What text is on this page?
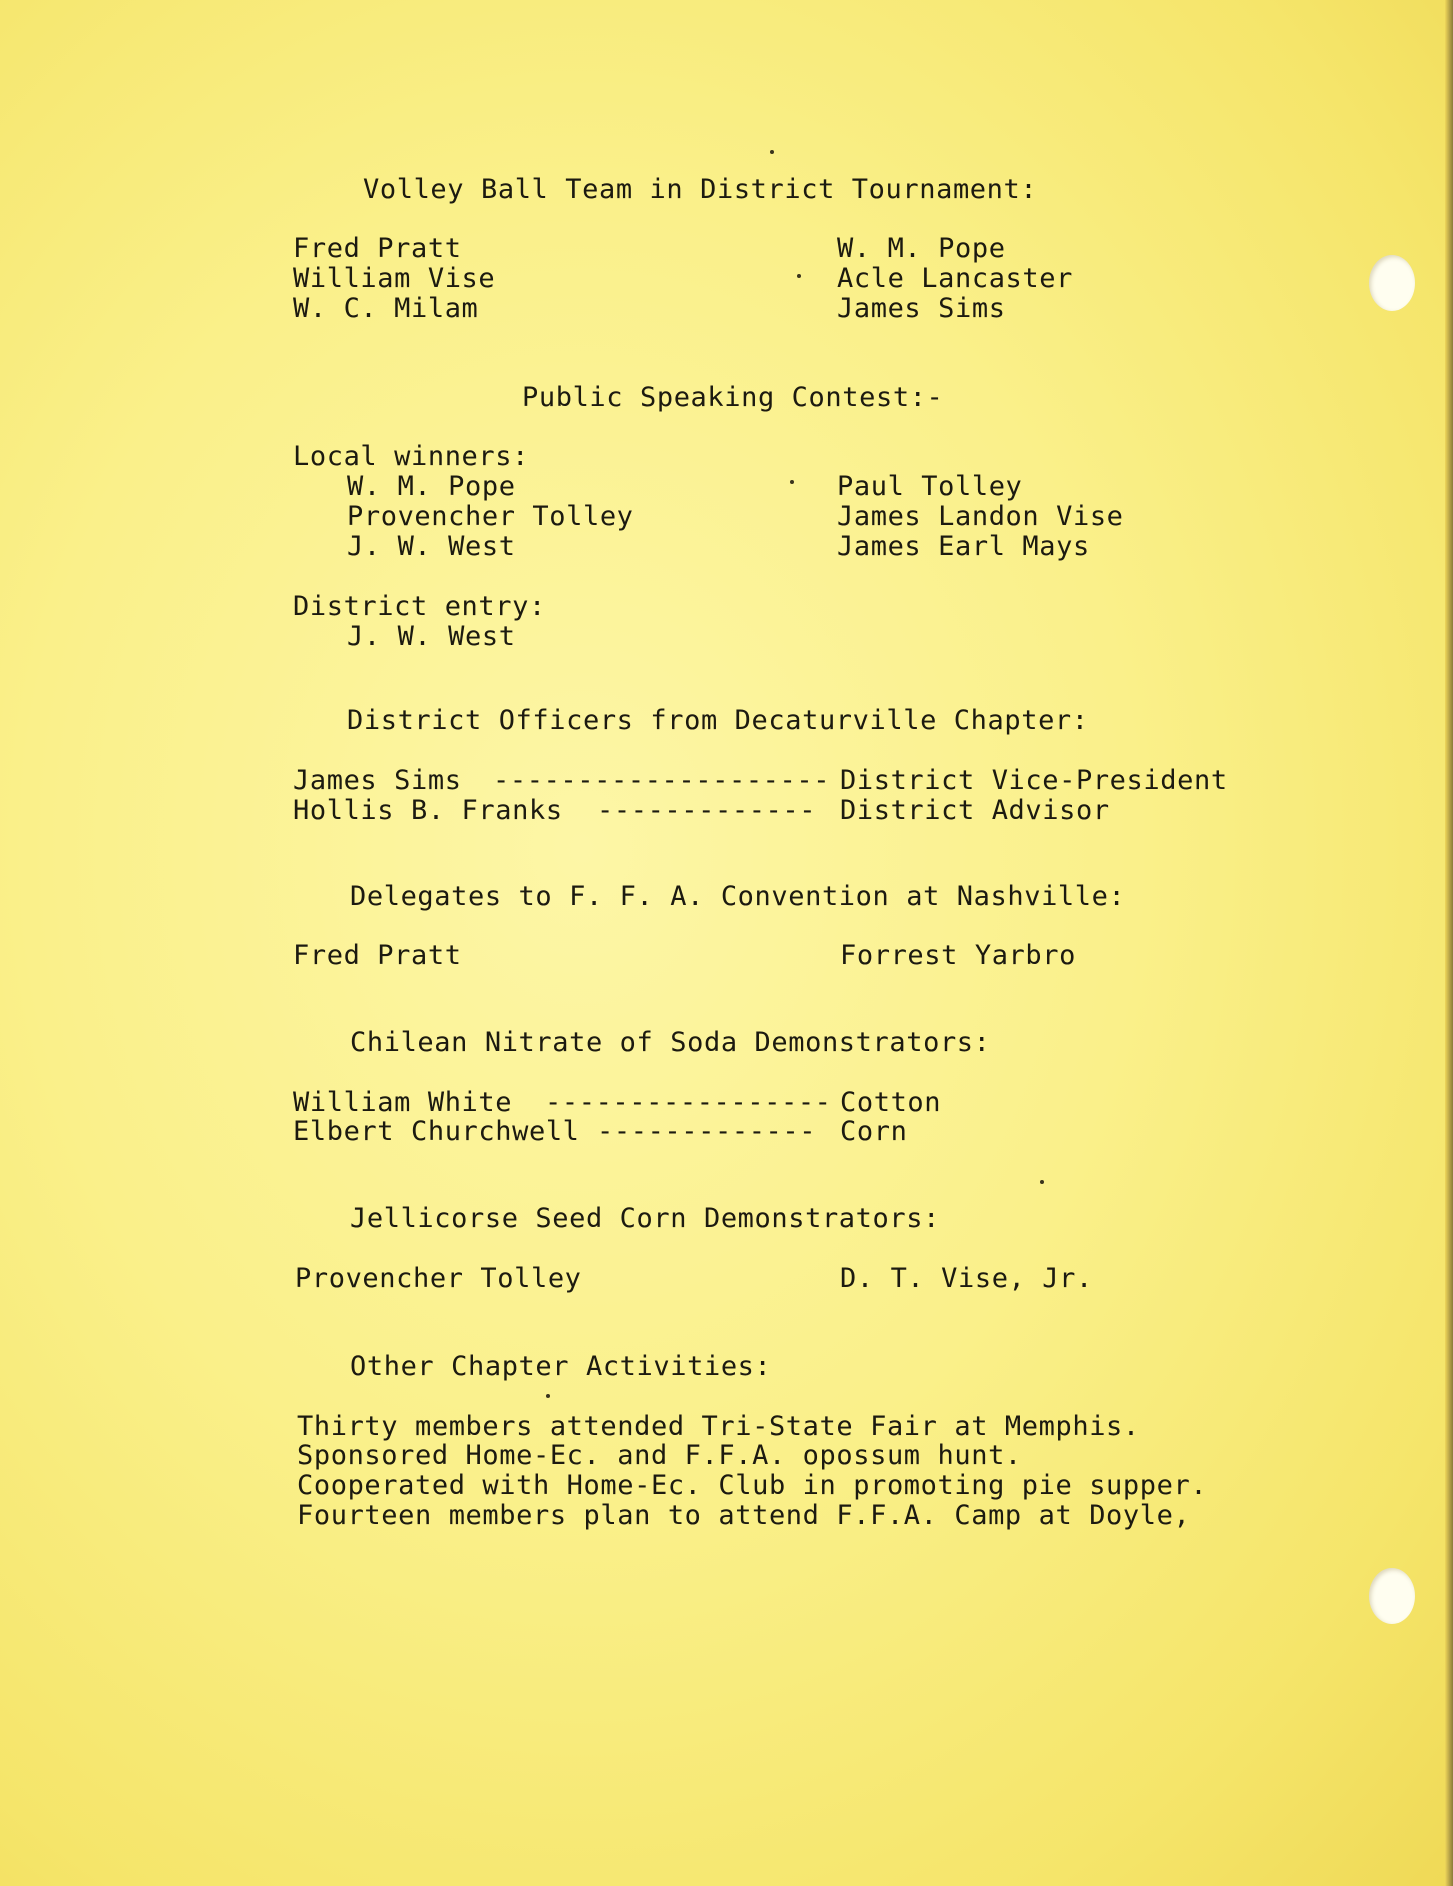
Volley Ball Team in District Tournament:
Fred Pratt
William Vise
W. C. Milam
W. M. Pope
Acle Lancaster
James Sims
Public Speaking Contest:-
Local winners:
W. M. Pope
Provencher Tolley
J. W. West
Paul Tolley
James Landon Vise
James Earl Mays
District entry:
J. W. West
District Officers from Decaturville Chapter:
James Sims -------------------- District Vice-President
Hollis B. Franks ------------- District Advisor
Delegates to F. F. A. Convention at Nashville:
Fred Pratt	Forrest Yarbro
Chilean Nitrate of Soda Demonstrators:
William White ----------------- Cotton
Elbert Churchwell ------------- Corn
Jellicorse Seed Corn Demonstrators:
Provencher Tolley	D. T. Vise, Jr.
Other Chapter Activities:
Thirty members attended Tri-State Fair at Memphis.
Sponsored Home-Ec. and F.F.A. opossum hunt.
Cooperated with Home-Ec. Club in promoting pie supper.
Fourteen members plan to attend F.F.A. Camp at Doyle,
